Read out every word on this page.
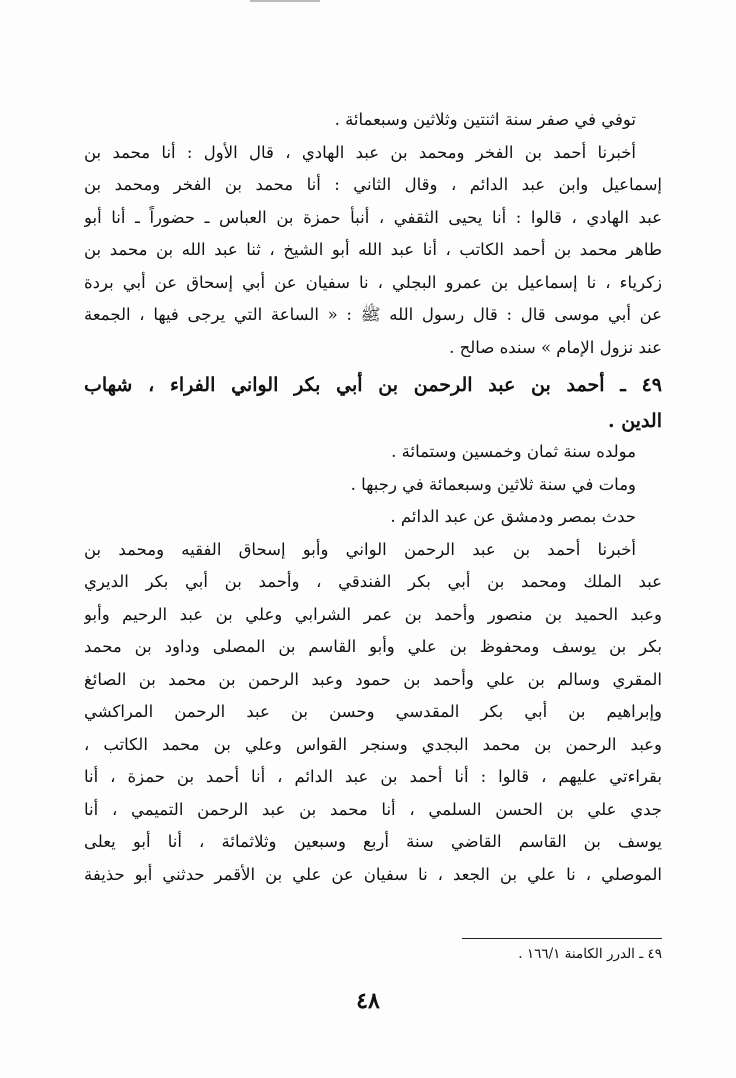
توفي في صفر سنة اثنتين وثلاثين وسبعمائة .
أخبرنا أحمد بن الفخر ومحمد بن عبد الهادي ، قال الأول : أنا محمد بن
إسماعيل وابن عبد الدائم ، وقال الثاني : أنا محمد بن الفخر ومحمد بن
عبد الهادي ، قالوا : أنا يحيى الثقفي ، أنبأ حمزة بن العباس ـ حضوراً ـ أنا أبو
طاهر محمد بن أحمد الكاتب ، أنا عبد الله أبو الشيخ ، ثنا عبد الله بن محمد بن
زكرياء ، نا إسماعيل بن عمرو البجلي ، نا سفيان عن أبي إسحاق عن أبي بردة
عن أبي موسى قال : قال رسول الله ﷺ : « الساعة التي يرجى فيها ، الجمعة
عند نزول الإمام » سنده صالح .
٤٩ ـ أحمد بن عبد الرحمن بن أبي بكر الواني الفراء ، شهاب
الدين .
مولده سنة ثمان وخمسين وستمائة .
ومات في سنة ثلاثين وسبعمائة في رجبها .
حدث بمصر ودمشق عن عبد الدائم .
أخبرنا أحمد بن عبد الرحمن الواني وأبو إسحاق الفقيه ومحمد بن
عبد الملك ومحمد بن أبي بكر الفندقي ، وأحمد بن أبي بكر الديري
وعبد الحميد بن منصور وأحمد بن عمر الشرابي وعلي بن عبد الرحيم وأبو
بكر بن يوسف ومحفوظ بن علي وأبو القاسم بن المصلى وداود بن محمد
المقري وسالم بن علي وأحمد بن حمود وعبد الرحمن بن محمد بن الصائغ
وإبراهيم بن أبي بكر المقدسي وحسن بن عبد الرحمن المراكشي
وعبد الرحمن بن محمد البجدي وسنجر القواس وعلي بن محمد الكاتب ،
بقراءتي عليهم ، قالوا : أنا أحمد بن عبد الدائم ، أنا أحمد بن حمزة ، أنا
جدي علي بن الحسن السلمي ، أنا محمد بن عبد الرحمن التميمي ، أنا
يوسف بن القاسم القاضي سنة أربع وسبعين وثلاثمائة ، أنا أبو يعلى
الموصلي ، نا علي بن الجعد ، نا سفيان عن علي بن الأقمر حدثني أبو حذيفة
٤٩ ـ الدرر الكامنة ١٦٦/١ .
٤٨
